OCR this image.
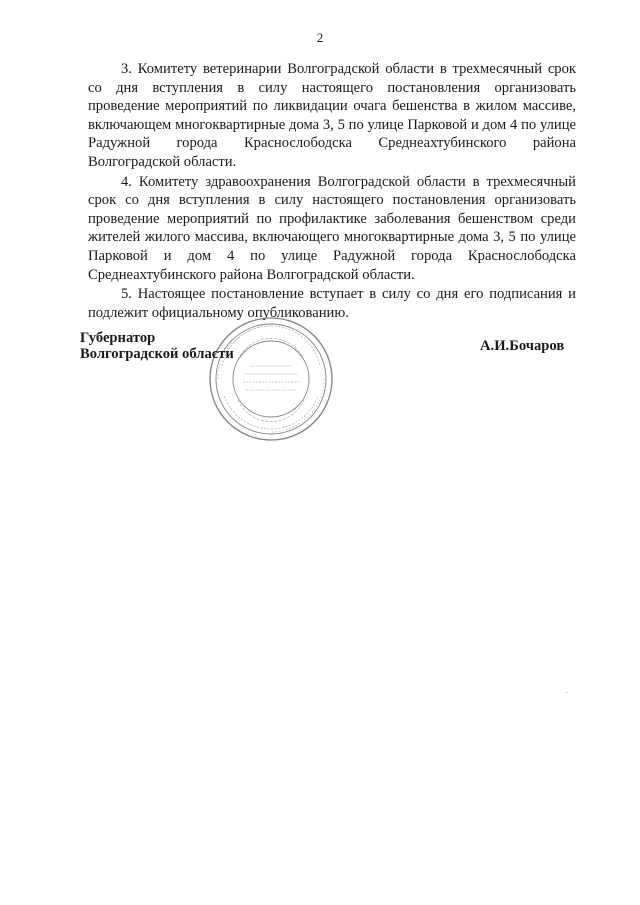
2

3. Комитету ветеринарии Волгоградской области в трехмесячный срок со дня вступления в силу настоящего постановления организовать проведение мероприятий по ликвидации очага бешенства в жилом массиве, включающем многоквартирные дома 3, 5 по улице Парковой и дом 4 по улице Радужной города Краснослободска Среднеахтубинского района Волгоградской области.

4. Комитету здравоохранения Волгоградской области в трехмесячный срок со дня вступления в силу настоящего постановления организовать проведение мероприятий по профилактике заболевания бешенством среди жителей жилого массива, включающего многоквартирные дома 3, 5 по улице Парковой и дом 4 по улице Радужной города Краснослободска Среднеахтубинского района Волгоградской области.

5. Настоящее постановление вступает в силу со дня его подписания и подлежит официальному опубликованию.

Губернатор
Волгоградской области	А.И.Бочаров
